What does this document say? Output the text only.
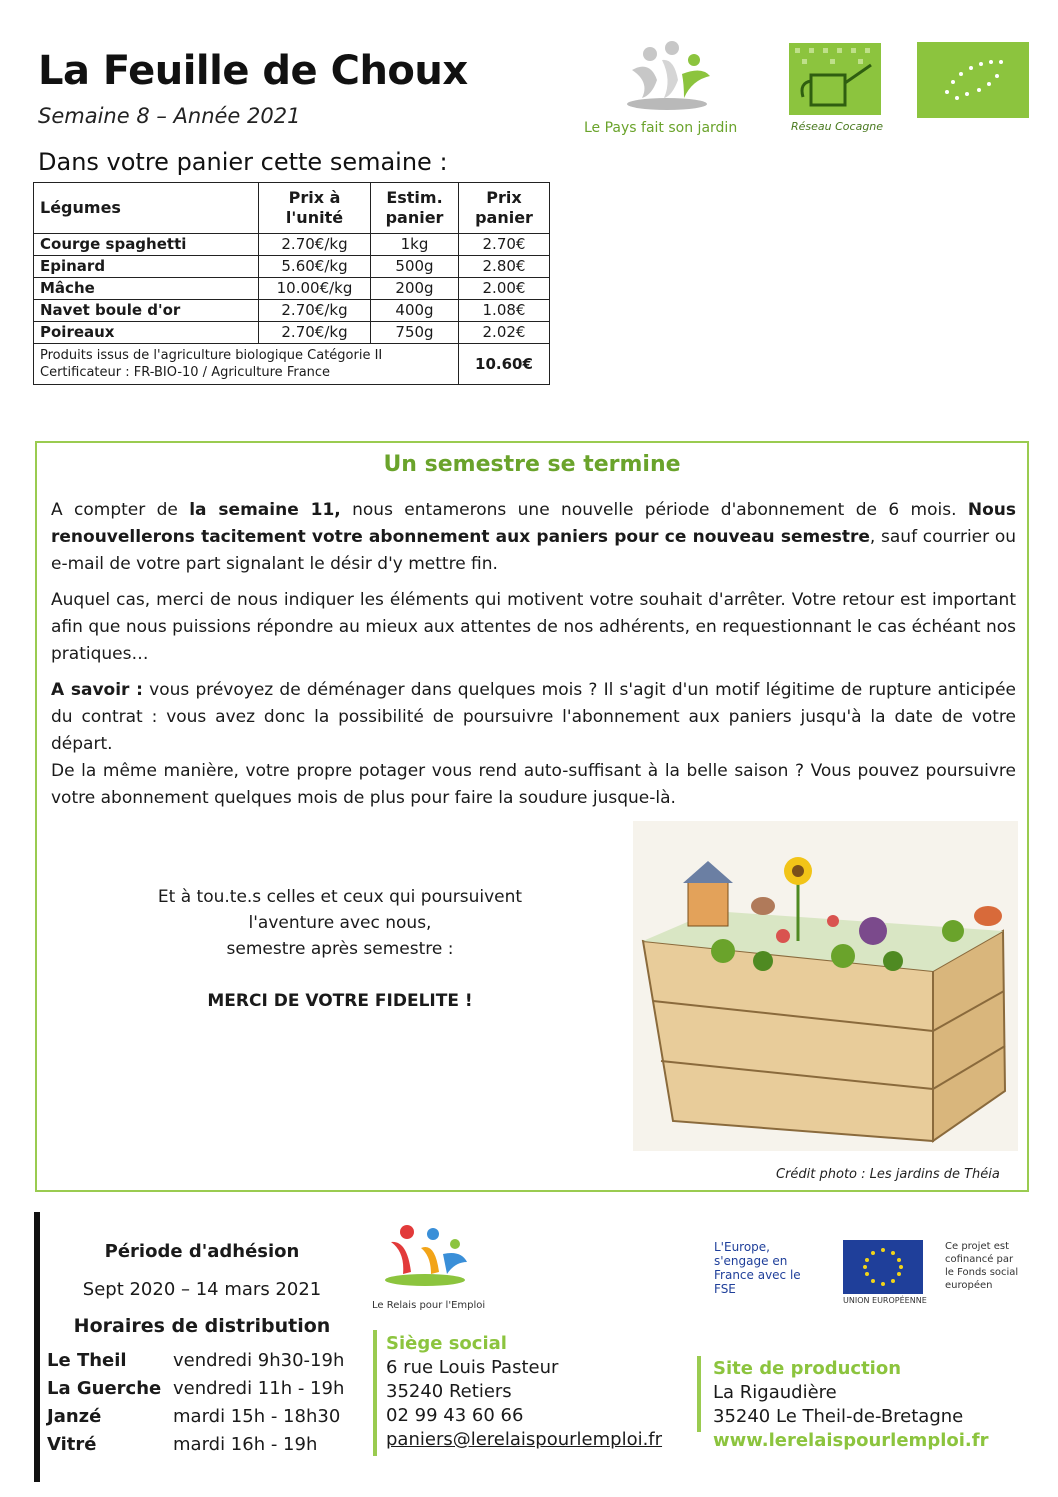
La Feuille de Choux
Semaine 8 – Année 2021
Dans votre panier cette semaine :
Légumes	Prix à l'unité	Estim. panier	Prix panier
Courge spaghetti	2.70€/kg	1kg	2.70€
Epinard	5.60€/kg	500g	2.80€
Mâche	10.00€/kg	200g	2.00€
Navet boule d'or	2.70€/kg	400g	1.08€
Poireaux	2.70€/kg	750g	2.02€
Produits issus de l'agriculture biologique Catégorie II
Certificateur : FR-BIO-10 / Agriculture France			10.60€
Le Pays fait son jardin	Réseau Cocagne
Un semestre se termine
A compter de la semaine 11, nous entamerons une nouvelle période d'abonnement de 6 mois. Nous renouvellerons tacitement votre abonnement aux paniers pour ce nouveau semestre, sauf courrier ou e-mail de votre part signalant le désir d'y mettre fin.
Auquel cas, merci de nous indiquer les éléments qui motivent votre souhait d'arrêter. Votre retour est important afin que nous puissions répondre au mieux aux attentes de nos adhérents, en requestionnant le cas échéant nos pratiques…
A savoir : vous prévoyez de déménager dans quelques mois ? Il s'agit d'un motif légitime de rupture anticipée du contrat : vous avez donc la possibilité de poursuivre l'abonnement aux paniers jusqu'à la date de votre départ.
De la même manière, votre propre potager vous rend auto-suffisant à la belle saison ? Vous pouvez poursuivre votre abonnement quelques mois de plus pour faire la soudure jusque-là.
Et à tou.te.s celles et ceux qui poursuivent
l'aventure avec nous,
semestre après semestre :
MERCI DE VOTRE FIDELITE !
Crédit photo : Les jardins de Théia
Période d'adhésion
Sept 2020 – 14 mars 2021
Horaires de distribution
Le Theil	vendredi 9h30-19h
La Guerche vendredi 11h - 19h
Janzé	mardi 15h - 18h30
Vitré	mardi 16h - 19h
Le Relais pour l'Emploi
Siège social
6 rue Louis Pasteur
35240 Retiers
02 99 43 60 66
paniers@lerelaispourlemploi.fr
Site de production
La Rigaudière
35240 Le Theil-de-Bretagne
www.lerelaispourlemploi.fr
L'Europe, s'engage en France avec le FSE
UNION EUROPÉENNE
Ce projet est cofinancé par le Fonds social européen
